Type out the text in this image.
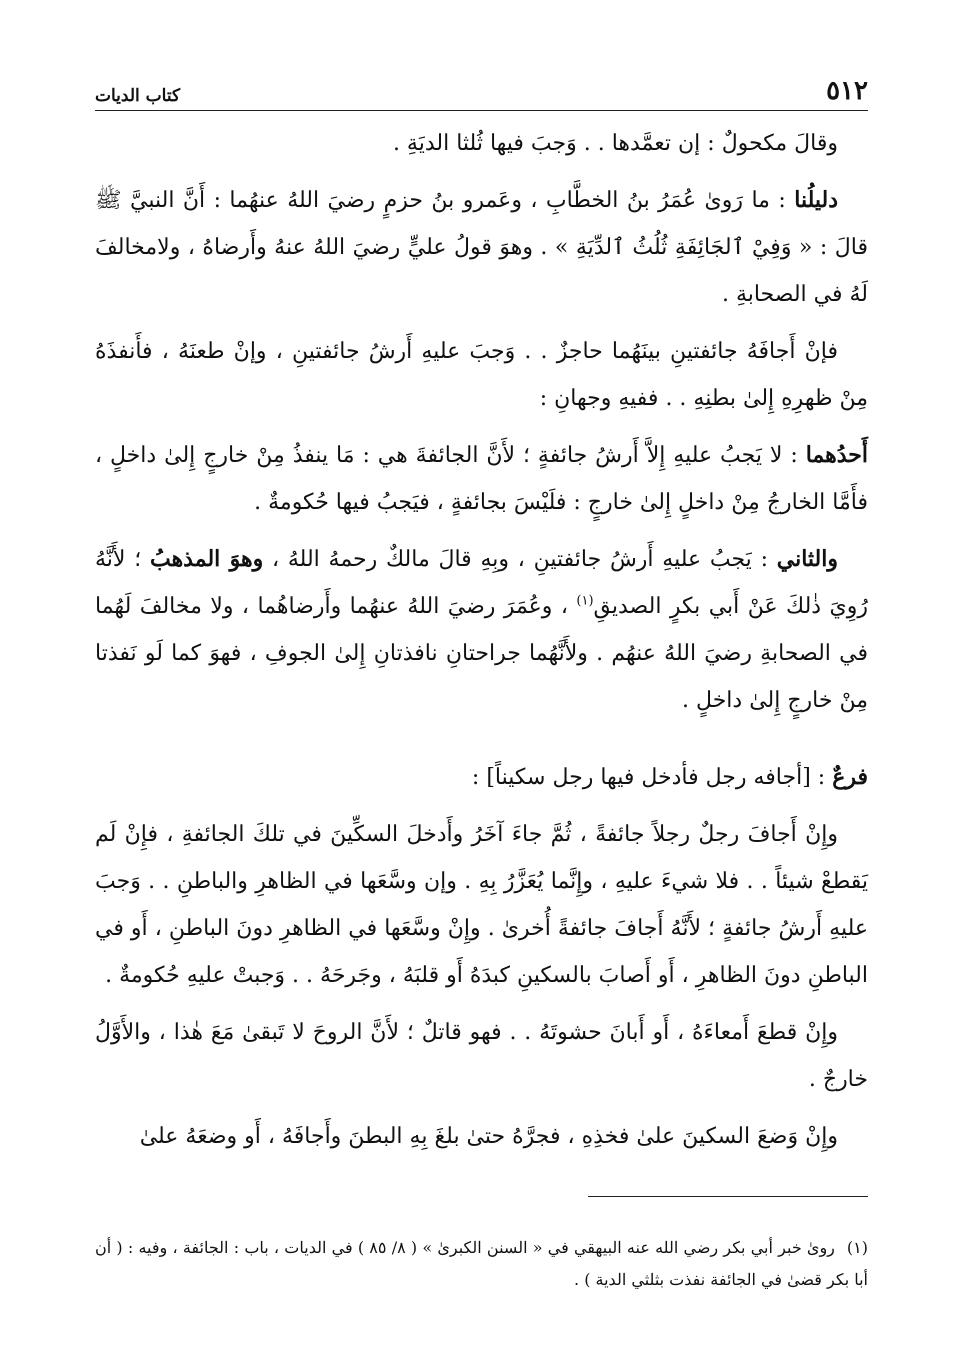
٥١٢
كتاب الديات

وقالَ مكحولٌ : إن تعمَّدها . . وَجبَ فيها ثُلثا الديَةِ .

دليلُنا : ما رَوىٰ عُمَرُ بنُ الخطَّابِ ، وعَمرو بنُ حزمٍ رضيَ اللهُ عنهُما : أَنَّ النبيَّ ﷺ قالَ : « وَفِيْ ٱلجَائِفَةِ ثُلُثُ ٱلدِّيَةِ » . وهوَ قولُ عليٍّ رضيَ اللهُ عنهُ وأَرضاهُ ، ولامخالفَ لَهُ في الصحابةِ .

فإنْ أَجافَهُ جائفتينِ بينَهُما حاجزٌ . . وَجبَ عليهِ أَرشُ جائفتينِ ، وإنْ طعنَهُ ، فأَنفذَهُ مِنْ ظهرِهِ إِلىٰ بطنِهِ . . ففيهِ وجهانِ :

أَحدُهما : لا يَجبُ عليهِ إِلاَّ أَرشُ جائفةٍ ؛ لأَنَّ الجائفةَ هي : مَا ينفذُ مِنْ خارجٍ إِلىٰ داخلٍ ، فأَمَّا الخارجُ مِنْ داخلٍ إِلىٰ خارجٍ : فلَيْسَ بجائفةٍ ، فيَجبُ فيها حُكومةٌ .

والثاني : يَجبُ عليهِ أَرشُ جائفتينِ ، وبِهِ قالَ مالكٌ رحمهُ اللهُ ، وهوَ المذهبُ ؛ لأَنَّهُ رُوِيَ ذٰلكَ عَنْ أَبي بكرٍ الصديقِ$^{(١)}$ ، وعُمَرَ رضيَ اللهُ عنهُما وأَرضاهُما ، ولا مخالفَ لَهُما في الصحابةِ رضيَ اللهُ عنهُم . ولأَنَّهُما جراحتانِ نافذتانِ إِلىٰ الجوفِ ، فهوَ كما لَو نَفذتا مِنْ خارجٍ إِلىٰ داخلٍ .

فرعٌ : [أجافه رجل فأدخل فيها رجل سكيناً] :

وإِنْ أَجافَ رجلٌ رجلاً جائفةً ، ثُمَّ جاءَ آخَرُ وأَدخلَ السكِّينَ في تلكَ الجائفةِ ، فإِنْ لَم يَقطعْ شيئاً . . فلا شيءَ عليهِ ، وإِنَّما يُعَزَّرُ بِهِ . وإن وسَّعَها في الظاهرِ والباطنِ . . وَجبَ عليهِ أَرشُ جائفةٍ ؛ لأَنَّهُ أَجافَ جائفةً أُخرىٰ . وإِنْ وسَّعَها في الظاهرِ دونَ الباطنِ ، أَو في الباطنِ دونَ الظاهرِ ، أَو أَصابَ بالسكينِ كبدَهُ أَو قلبَهُ ، وجَرحَهُ . . وَجبتْ عليهِ حُكومةٌ .

وإِنْ قطعَ أَمعاءَهُ ، أَو أَبانَ حشوتَهُ . . فهو قاتلٌ ؛ لأَنَّ الروحَ لا تَبقىٰ مَعَ هٰذا ، والأَوَّلُ خارجٌ .

وإِنْ وَضعَ السكينَ علىٰ فخذِهِ ، فجرَّهُ حتىٰ بلغَ بِهِ البطنَ وأَجافَهُ ، أَو وضعَهُ علىٰ

(١)روىٰ خبر أبي بكر رضي الله عنه البيهقي في « السنن الكبرىٰ » ( ٨/ ٨٥ ) في الديات ، باب : الجائفة ، وفيه : ( أن أبا بكر قضىٰ في الجائفة نفذت بثلثي الدية ) .
